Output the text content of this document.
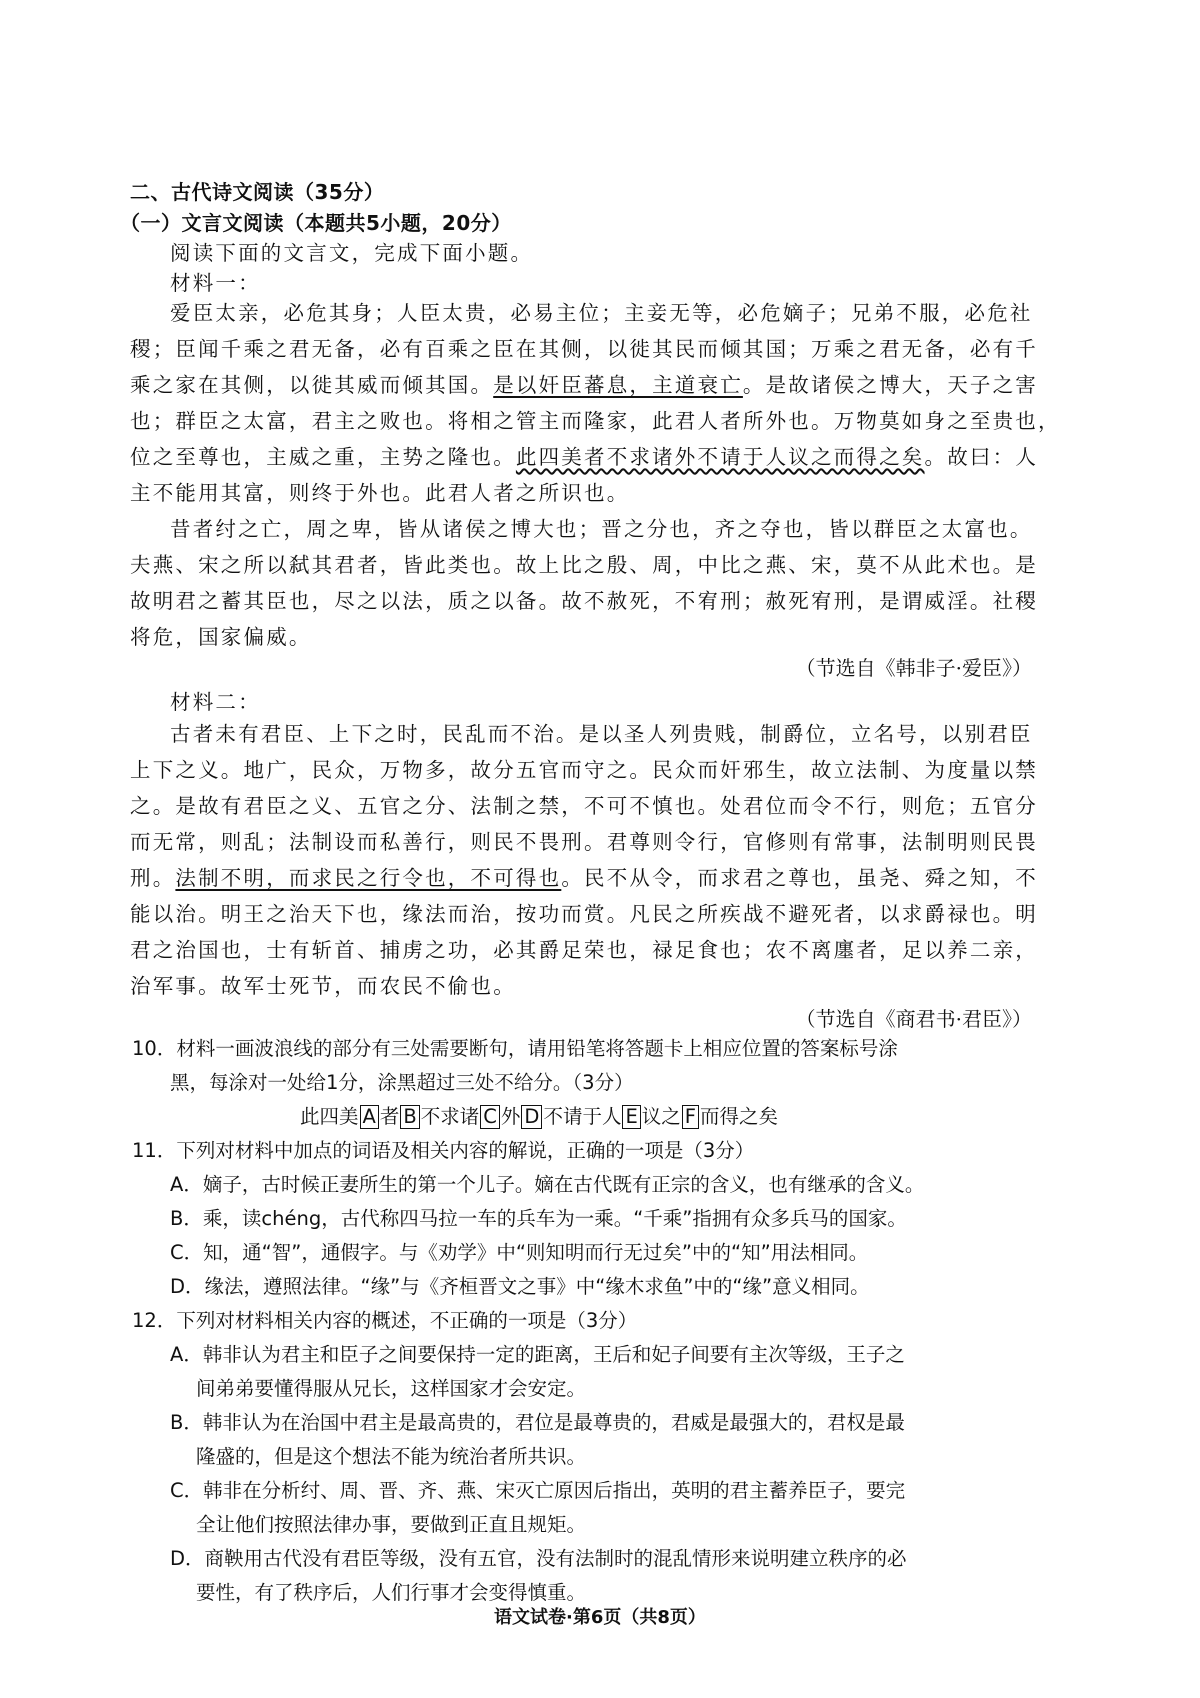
二、古代诗文阅读（35分）
（一）文言文阅读（本题共5小题，20分）
阅读下面的文言文，完成下面小题。
材料一：
爱臣太亲，必危其身；人臣太贵，必易主位；主妾无等，必危嫡子；兄弟不服，必危社
稷；臣闻千乘之君无备，必有百乘之臣在其侧，以徙其民而倾其国；万乘之君无备，必有千
乘之家在其侧，以徙其威而倾其国。是以奸臣蕃息，主道衰亡。是故诸侯之博大，天子之害
也；群臣之太富，君主之败也。将相之管主而隆家，此君人者所外也。万物莫如身之至贵也，
位之至尊也，主威之重，主势之隆也。此四美者不求诸外不请于人议之而得之矣。故曰：人
主不能用其富，则终于外也。此君人者之所识也。
昔者纣之亡，周之卑，皆从诸侯之博大也；晋之分也，齐之夺也，皆以群臣之太富也。
夫燕、宋之所以弑其君者，皆此类也。故上比之殷、周，中比之燕、宋，莫不从此术也。是
故明君之蓄其臣也，尽之以法，质之以备。故不赦死，不宥刑；赦死宥刑，是谓威淫。社稷
将危，国家偏威。
（节选自《韩非子·爱臣》）
材料二：
古者未有君臣、上下之时，民乱而不治。是以圣人列贵贱，制爵位，立名号，以别君臣
上下之义。地广，民众，万物多，故分五官而守之。民众而奸邪生，故立法制、为度量以禁
之。是故有君臣之义、五官之分、法制之禁，不可不慎也。处君位而令不行，则危；五官分
而无常，则乱；法制设而私善行，则民不畏刑。君尊则令行，官修则有常事，法制明则民畏
刑。法制不明，而求民之行令也，不可得也。民不从令，而求君之尊也，虽尧、舜之知，不
能以治。明王之治天下也，缘法而治，按功而赏。凡民之所疾战不避死者，以求爵禄也。明
君之治国也，士有斩首、捕虏之功，必其爵足荣也，禄足食也；农不离廛者，足以养二亲，
治军事。故军士死节，而农民不偷也。
（节选自《商君书·君臣》）
10．材料一画波浪线的部分有三处需要断句，请用铅笔将答题卡上相应位置的答案标号涂
黑，每涂对一处给1分，涂黑超过三处不给分。（3分）
此四美 A 者 B 不求诸 C 外 D 不请于人 E 议之 F 而得之矣
11．下列对材料中加点的词语及相关内容的解说，正确的一项是（3分）
A．嫡子，古时候正妻所生的第一个儿子。嫡在古代既有正宗的含义，也有继承的含义。
B．乘，读chéng，古代称四马拉一车的兵车为一乘。“千乘”指拥有众多兵马的国家。
C．知，通“智”，通假字。与《劝学》中“则知明而行无过矣”中的“知”用法相同。
D．缘法，遵照法律。“缘”与《齐桓晋文之事》中“缘木求鱼”中的“缘”意义相同。
12．下列对材料相关内容的概述，不正确的一项是（3分）
A．韩非认为君主和臣子之间要保持一定的距离，王后和妃子间要有主次等级，王子之
间弟弟要懂得服从兄长，这样国家才会安定。
B．韩非认为在治国中君主是最高贵的，君位是最尊贵的，君威是最强大的，君权是最
隆盛的，但是这个想法不能为统治者所共识。
C．韩非在分析纣、周、晋、齐、燕、宋灭亡原因后指出，英明的君主蓄养臣子，要完
全让他们按照法律办事，要做到正直且规矩。
D．商鞅用古代没有君臣等级，没有五官，没有法制时的混乱情形来说明建立秩序的必
要性，有了秩序后，人们行事才会变得慎重。
语文试卷·第6页（共8页）
